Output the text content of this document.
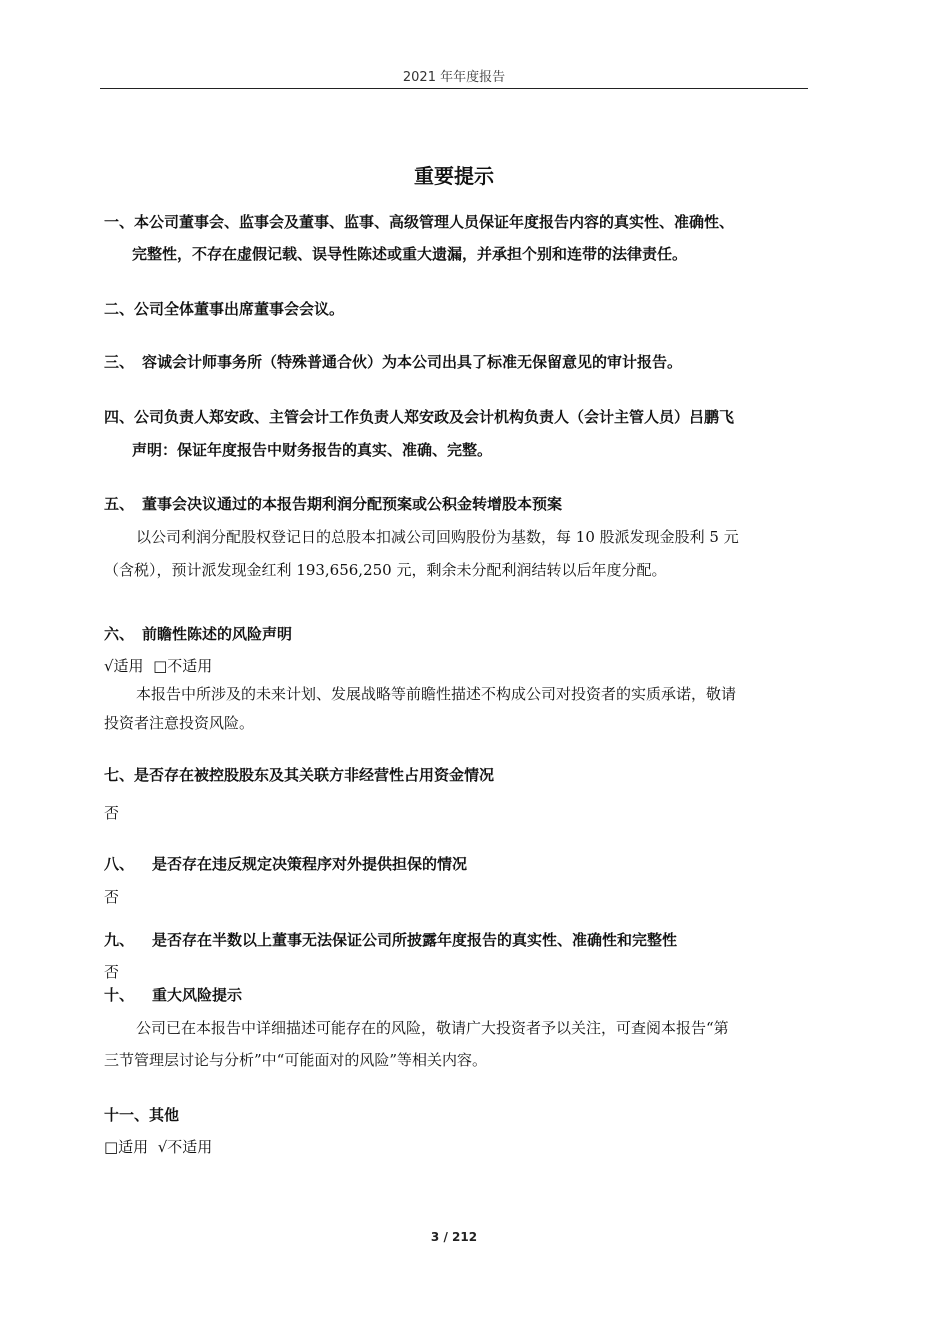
2021 年年度报告
重要提示
一、本公司董事会、监事会及董事、监事、高级管理人员保证年度报告内容的真实性、准确性、
完整性，不存在虚假记载、误导性陈述或重大遗漏，并承担个别和连带的法律责任。
二、公司全体董事出席董事会会议。
三、 容诚会计师事务所（特殊普通合伙）为本公司出具了标准无保留意见的审计报告。
四、公司负责人郑安政、主管会计工作负责人郑安政及会计机构负责人（会计主管人员）吕鹏飞
声明：保证年度报告中财务报告的真实、准确、完整。
五、 董事会决议通过的本报告期利润分配预案或公积金转增股本预案
以公司利润分配股权登记日的总股本扣减公司回购股份为基数，每 10 股派发现金股利 5 元
（含税），预计派发现金红利 193,656,250 元，剩余未分配利润结转以后年度分配。
六、 前瞻性陈述的风险声明
√适用  □不适用
本报告中所涉及的未来计划、发展战略等前瞻性描述不构成公司对投资者的实质承诺，敬请
投资者注意投资风险。
七、是否存在被控股股东及其关联方非经营性占用资金情况
否
八、 是否存在违反规定决策程序对外提供担保的情况
否
九、 是否存在半数以上董事无法保证公司所披露年度报告的真实性、准确性和完整性
否
十、 重大风险提示
公司已在本报告中详细描述可能存在的风险，敬请广大投资者予以关注，可查阅本报告“第
三节管理层讨论与分析”中“可能面对的风险”等相关内容。
十一、其他
□适用  √不适用
3 / 212
